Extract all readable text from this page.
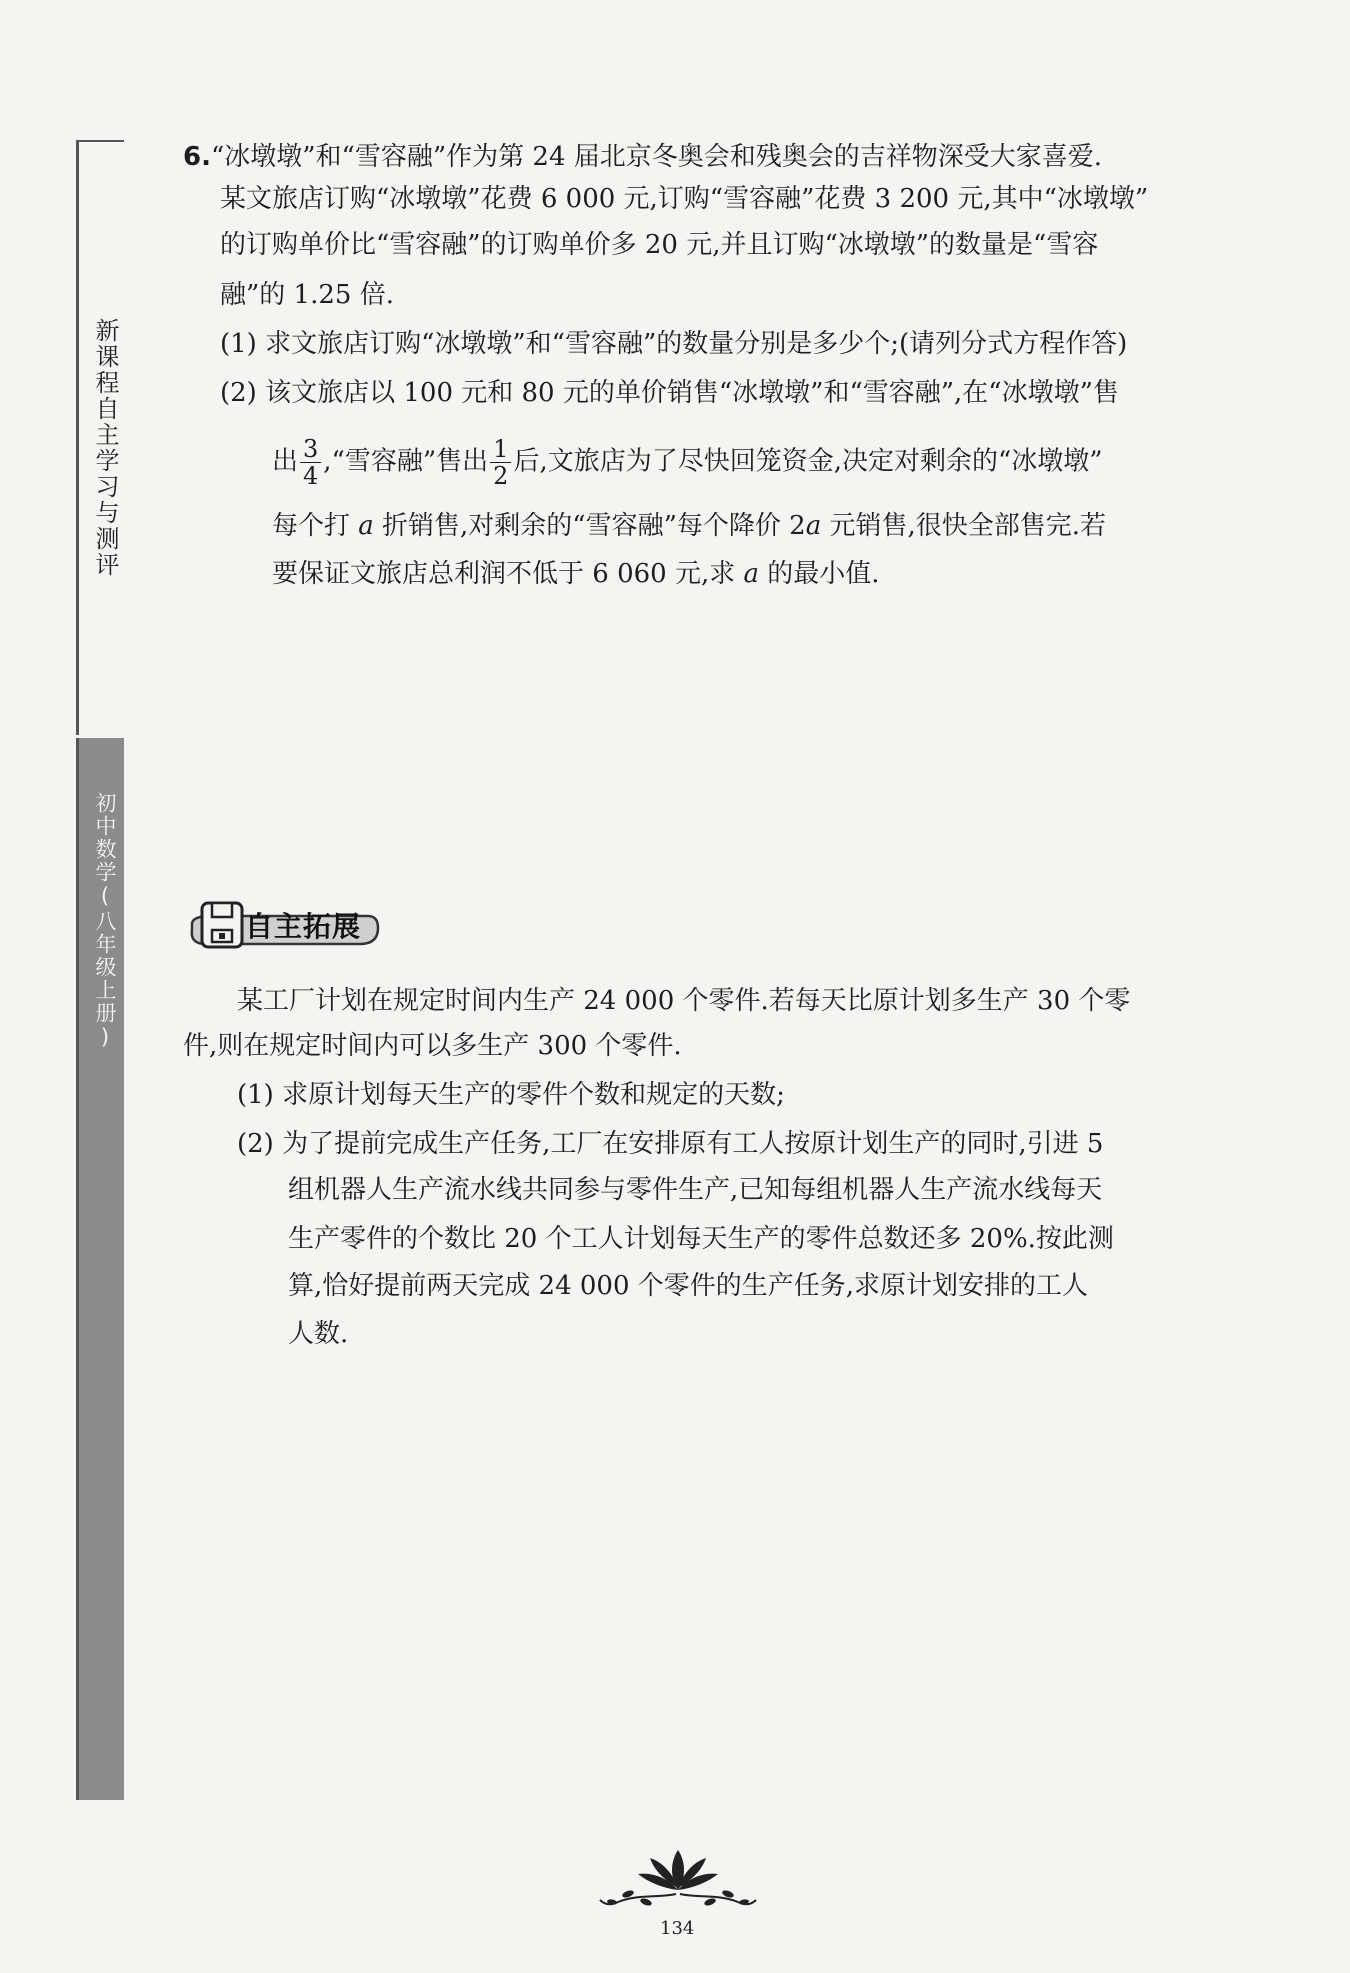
新课程自主学习与测评
初中数学(八年级上册)

6.“冰墩墩”和“雪容融”作为第 24 届北京冬奥会和残奥会的吉祥物深受大家喜爱.

某文旅店订购“冰墩墩”花费 6 000 元,订购“雪容融”花费 3 200 元,其中“冰墩墩”

的订购单价比“雪容融”的订购单价多 20 元,并且订购“冰墩墩”的数量是“雪容

融”的 1.25 倍.

(1) 求文旅店订购“冰墩墩”和“雪容融”的数量分别是多少个;(请列分式方程作答)

(2) 该文旅店以 100 元和 80 元的单价销售“冰墩墩”和“雪容融”,在“冰墩墩”售

出 $\frac{3}{4}$ ,“雪容融”售出 $\frac{1}{2}$ 后,文旅店为了尽快回笼资金,决定对剩余的“冰墩墩”

每个打 a 折销售,对剩余的“雪容融”每个降价 2a 元销售,很快全部售完.若

要保证文旅店总利润不低于 6 060 元,求 a 的最小值.

自主拓展

某工厂计划在规定时间内生产 24 000 个零件.若每天比原计划多生产 30 个零

件,则在规定时间内可以多生产 300 个零件.

(1) 求原计划每天生产的零件个数和规定的天数;

(2) 为了提前完成生产任务,工厂在安排原有工人按原计划生产的同时,引进 5

组机器人生产流水线共同参与零件生产,已知每组机器人生产流水线每天

生产零件的个数比 20 个工人计划每天生产的零件总数还多 20%.按此测

算,恰好提前两天完成 24 000 个零件的生产任务,求原计划安排的工人

人数.

134
